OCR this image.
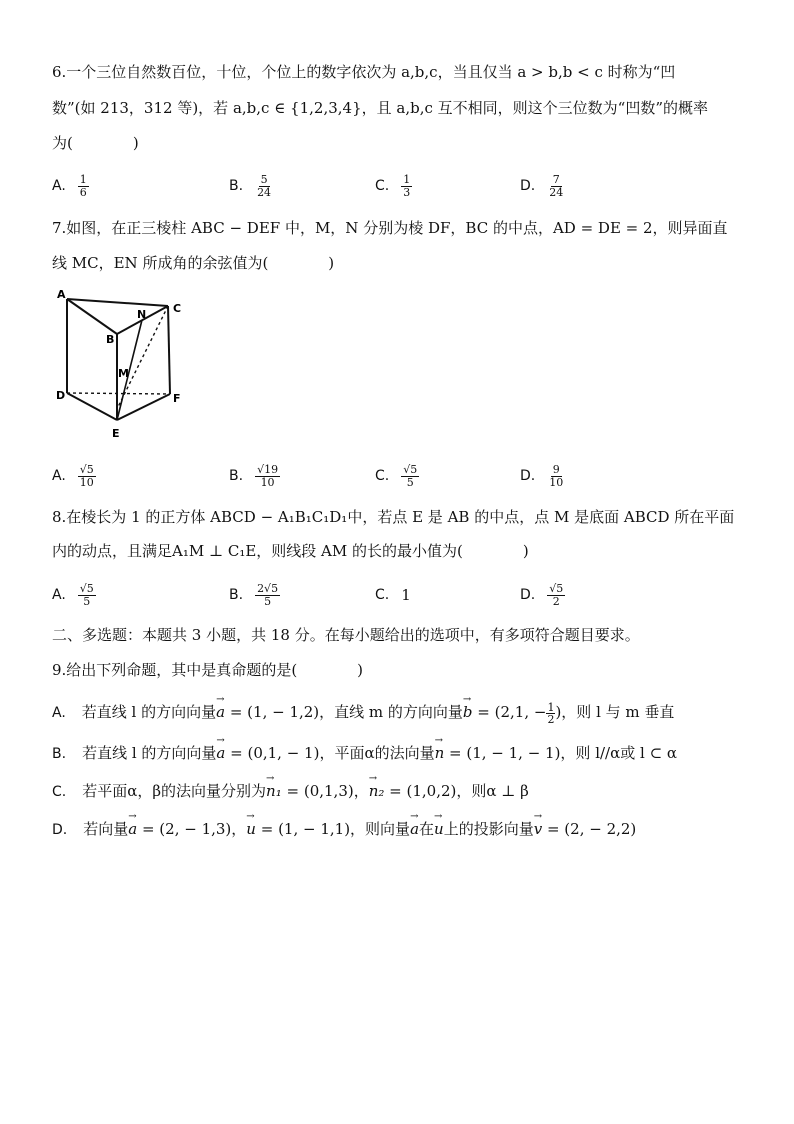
6.一个三位自然数百位，十位，个位上的数字依次为 a,b,c，当且仅当 a > b,b < c 时称为“凹
数”(如 213，312 等)，若 a,b,c ∈ {1,2,3,4}，且 a,b,c 互不相同，则这个三位数为“凹数”的概率
为(　　　　)
A. $\frac{1}{6}$	B. $\frac{5}{24}$	C. $\frac{1}{3}$	D. $\frac{7}{24}$
7.如图，在正三棱柱 ABC − DEF 中，M，N 分别为棱 DF，BC 的中点，AD = DE = 2，则异面直
线 MC，EN 所成角的余弦值为(　　　　)
A
C
N
B
M
D	F
E
A. $\frac{√5}{10}$	B. $\frac{√19}{10}$	C. $\frac{√5}{5}$	D. $\frac{9}{10}$
8.在棱长为 1 的正方体 ABCD − A₁B₁C₁D₁中，若点 E 是 AB 的中点，点 M 是底面 ABCD 所在平面
内的动点，且满足A₁M ⊥ C₁E，则线段 AM 的长的最小值为(　　　　)
A. $\frac{√5}{5}$	B. $\frac{2√5}{5}$	C. 1	D. $\frac{√5}{2}$
二、多选题：本题共 3 小题，共 18 分。在每小题给出的选项中，有多项符合题目要求。
9.给出下列命题，其中是真命题的是(　　　　)
A. 若直线 l 的方向向量→ a = (1, − 1,2)，直线 m 的方向向量→ b = (2,1, − $\frac{1}{2}$ )，则 l 与 m 垂直
B. 若直线 l 的方向向量→ a = (0,1, − 1)，平面α的法向量→ n = (1, − 1, − 1)，则 l//α或 l ⊂ α
C. 若平面α，β的法向量分别为→ n₁ = (0,1,3)，→ n₂ = (1,0,2)，则α ⊥ β
D. 若向量→ a = (2, − 1,3)，→ u = (1, − 1,1)，则向量→ a在→ u上的投影向量→ v = (2, − 2,2)
